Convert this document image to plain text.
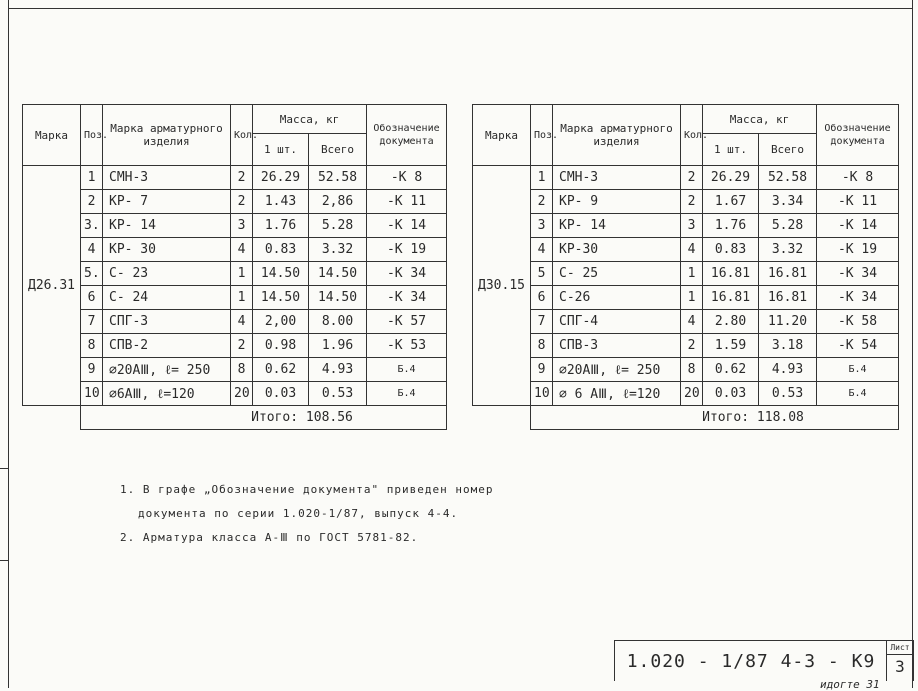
Марка	Поз.	Марка арматурного изделия	Кол.	Масса, кг		Обозначение документа
				1 шт.	Всего	
Д26.31	1	СМН-3	2	26.29	52.58	-К 8
	2	КР- 7	2	1.43	2,86	-К 11
	3.	КР- 14	3	1.76	5.28	-К 14
	4	КР- 30	4	0.83	3.32	-К 19
	5.	С- 23	1	14.50	14.50	-К 34
	6	С- 24	1	14.50	14.50	-К 34
	7	СПГ-3	4	2,00	8.00	-К 57
	8	СПВ-2	2	0.98	1.96	-К 53
	9	⌀20АⅢ, ℓ= 250	8	0.62	4.93	Б.4
	10	⌀6АⅢ, ℓ=120	20	0.03	0.53	Б.4
	Итого: 108.56					
Марка	Поз.	Марка арматурного изделия	Кол.	Масса, кг		Обозначение документа
				1 шт.	Всего	
Д30.15	1	СМН-3	2	26.29	52.58	-К 8
	2	КР- 9	2	1.67	3.34	-К 11
	3	КР- 14	3	1.76	5.28	-К 14
	4	КР-30	4	0.83	3.32	-К 19
	5	С- 25	1	16.81	16.81	-К 34
	6	С-26	1	16.81	16.81	-К 34
	7	СПГ-4	4	2.80	11.20	-К 58
	8	СПВ-3	2	1.59	3.18	-К 54
	9	⌀20АⅢ, ℓ= 250	8	0.62	4.93	Б.4
	10	⌀ 6 АⅢ, ℓ=120	20	0.03	0.53	Б.4
	Итого: 118.08					
1. В графе „Обозначение документа" приведен номер
документа по серии 1.020-1/87, выпуск 4-4.
2. Арматура класса А-Ⅲ по ГОСТ 5781-82.
1.020 - 1/87 4-3 - К9
Лист
3
идогте 31
